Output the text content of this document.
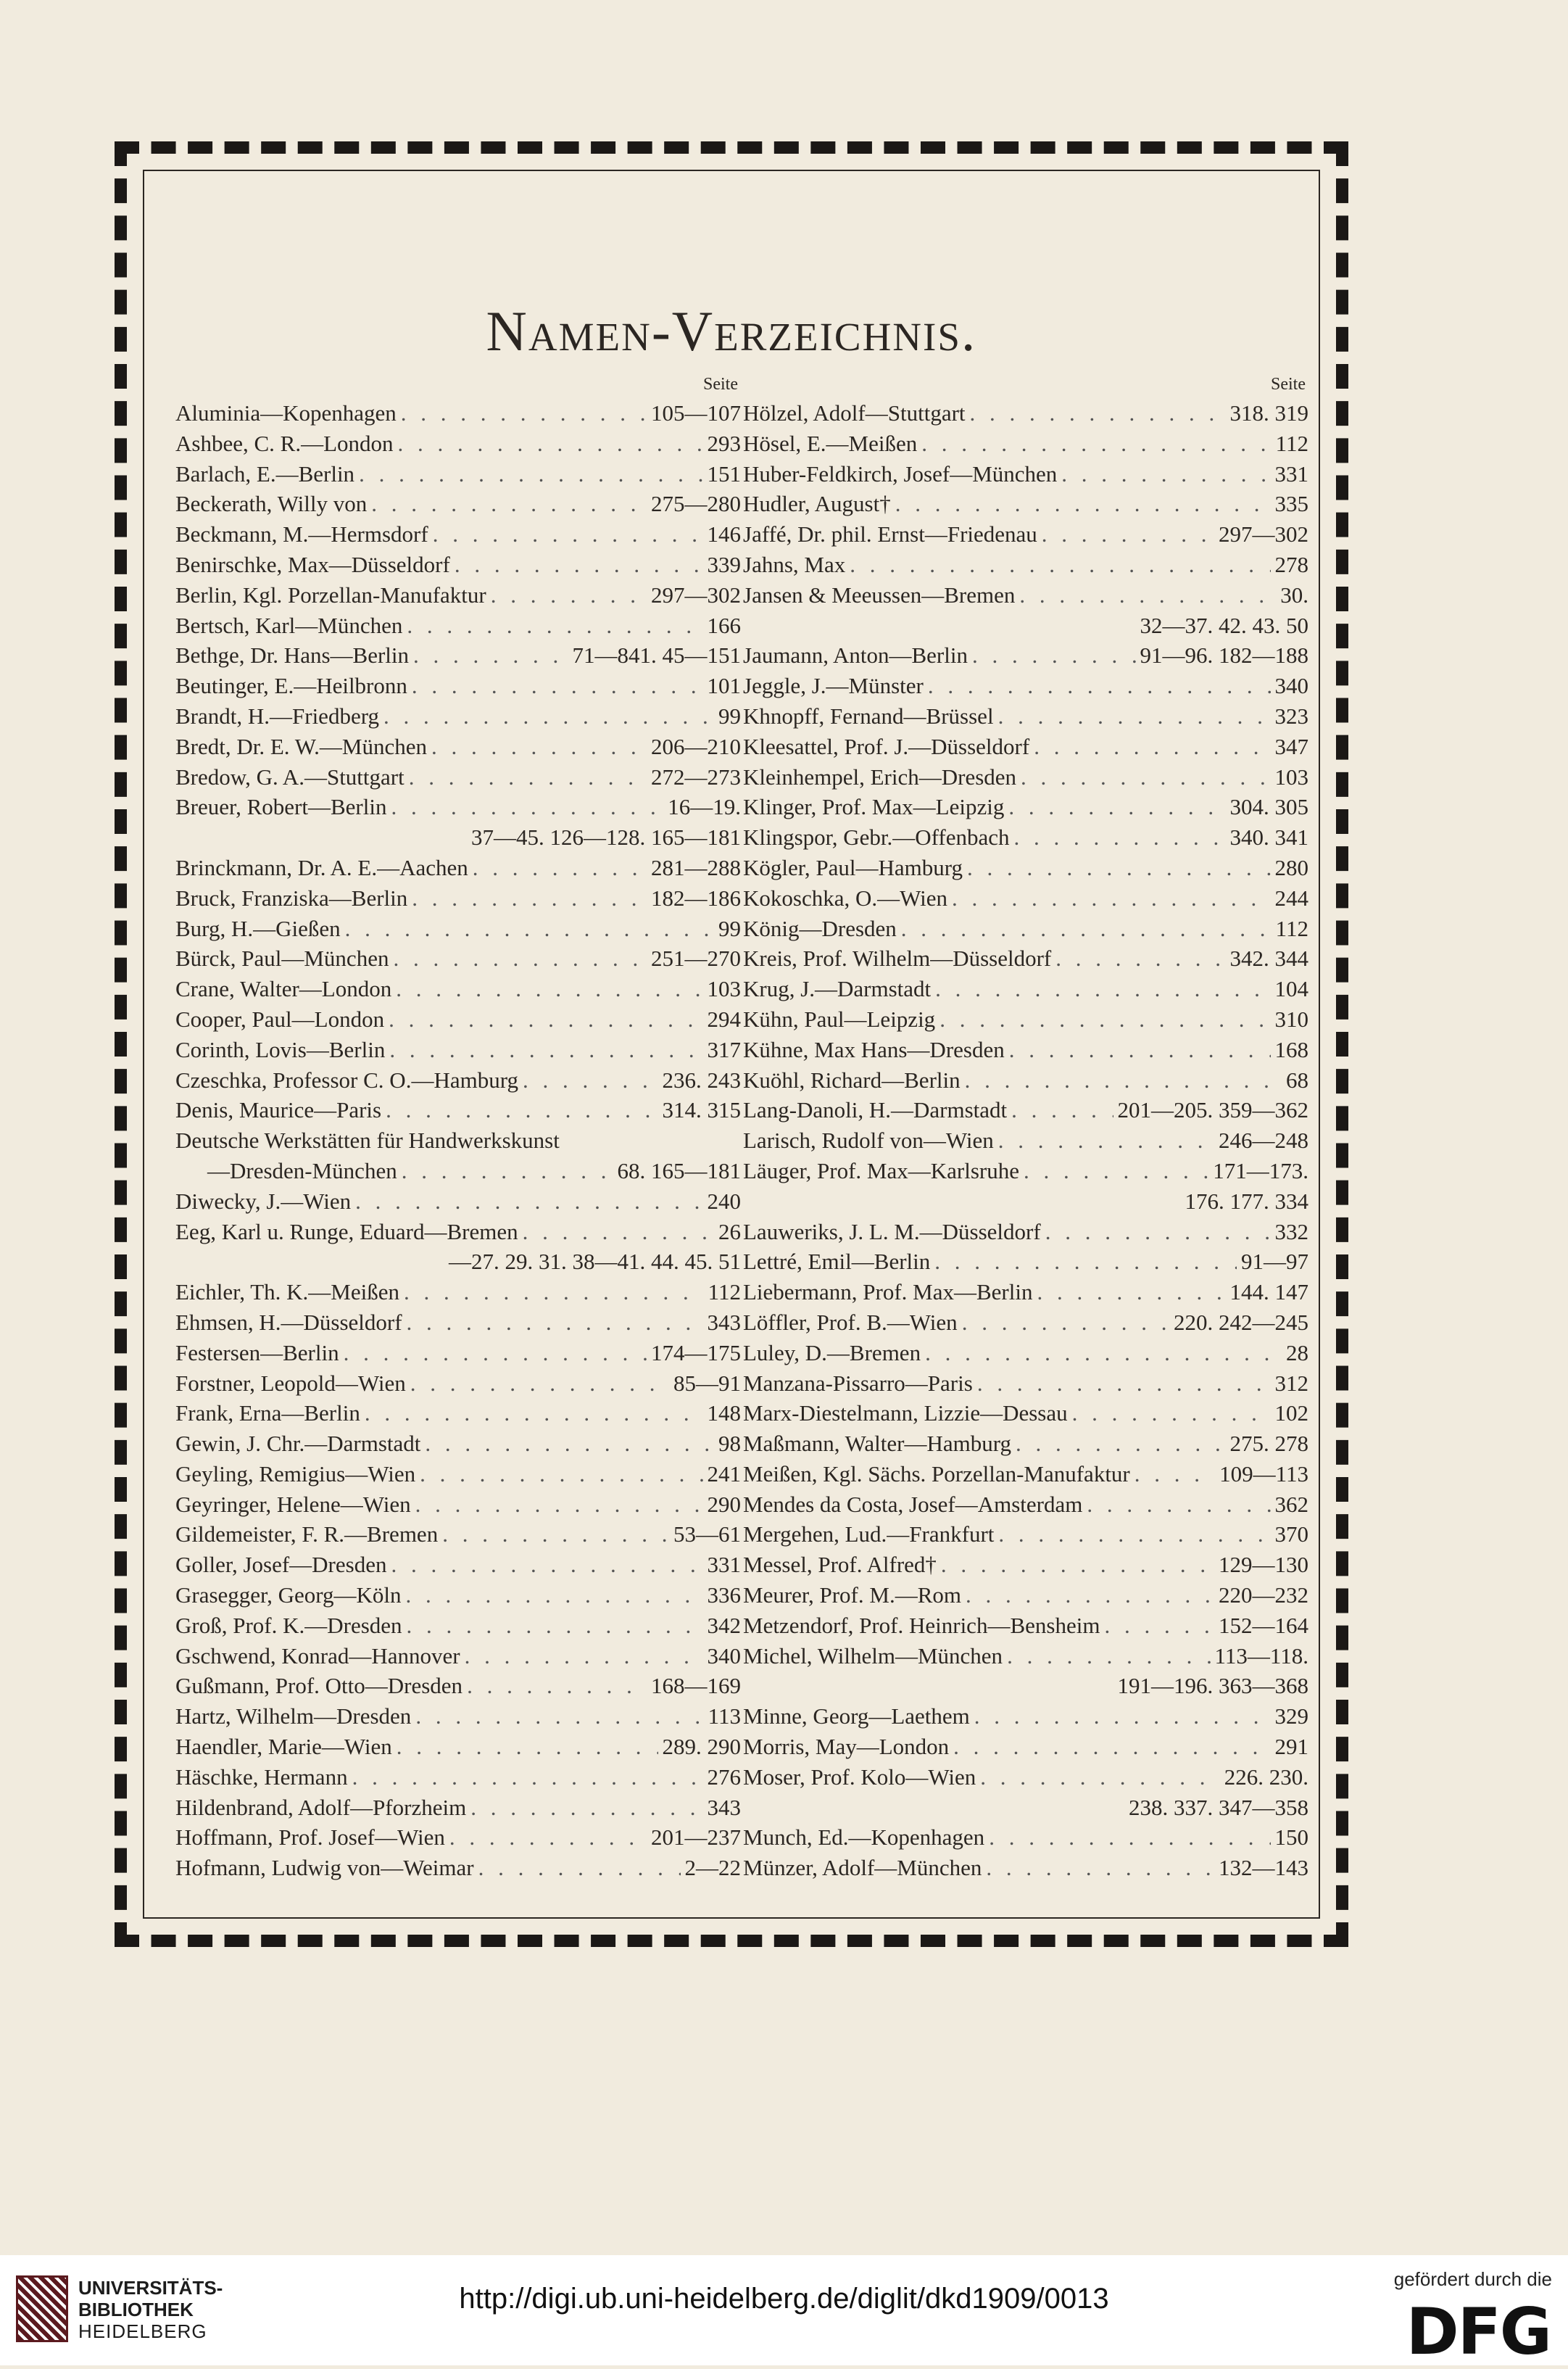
Namen-Verzeichnis.
Seite
Aluminia—Kopenhagen . . .	105—107
Ashbee, C. R.—London . . .	293
Barlach, E.—Berlin . . .	151
Beckerath, Willy von . . .	275—280
Beckmann, M.—Hermsdorf . . .	146
Benirschke, Max—Düsseldorf . . .	339
Berlin, Kgl. Porzellan-Manufaktur . . .	297—302
Bertsch, Karl—München . . .	166
Bethge, Dr. Hans—Berlin . . .	71—841. 45—151
Beutinger, E.—Heilbronn . . .	101
Brandt, H.—Friedberg . . .	99
Bredt, Dr. E. W.—München . . .	206—210
Bredow, G. A.—Stuttgart . . .	272—273
Breuer, Robert—Berlin . . .	16—19.
37—45. 126—128. 165—181
Brinckmann, Dr. A. E.—Aachen . . .	281—288
Bruck, Franziska—Berlin . . .	182—186
Burg, H.—Gießen . . .	99
Bürck, Paul—München . . .	251—270
Crane, Walter—London . . .	103
Cooper, Paul—London . . .	294
Corinth, Lovis—Berlin . . .	317
Czeschka, Professor C. O.—Hamburg . . .	236. 243
Denis, Maurice—Paris . . .	314. 315
Deutsche Werkstätten für Handwerkskunst
—Dresden-München . . .	68. 165—181
Diwecky, J.—Wien . . .	240
Eeg, Karl u. Runge, Eduard—Bremen . . .	26
—27. 29. 31. 38—41. 44. 45. 51
Eichler, Th. K.—Meißen . . .	112
Ehmsen, H.—Düsseldorf . . .	343
Festersen—Berlin . . .	174—175
Forstner, Leopold—Wien . . .	85—91
Frank, Erna—Berlin . . .	148
Gewin, J. Chr.—Darmstadt . . .	98
Geyling, Remigius—Wien . . .	241
Geyringer, Helene—Wien . . .	290
Gildemeister, F. R.—Bremen . . .	53—61
Goller, Josef—Dresden . . .	331
Grasegger, Georg—Köln . . .	336
Groß, Prof. K.—Dresden . . .	342
Gschwend, Konrad—Hannover . . .	340
Gußmann, Prof. Otto—Dresden . . .	168—169
Hartz, Wilhelm—Dresden . . .	113
Haendler, Marie—Wien . . .	289. 290
Häschke, Hermann . . .	276
Hildenbrand, Adolf—Pforzheim . . .	343
Hoffmann, Prof. Josef—Wien . . .	201—237
Hofmann, Ludwig von—Weimar . . .	2—22
Seite
Hölzel, Adolf—Stuttgart . . .	318. 319
Hösel, E.—Meißen . . .	112
Huber-Feldkirch, Josef—München . . .	331
Hudler, August† . . .	335
Jaffé, Dr. phil. Ernst—Friedenau . . .	297—302
Jahns, Max . . .	278
Jansen & Meeussen—Bremen . . .	30.
32—37. 42. 43. 50
Jaumann, Anton—Berlin . . .	91—96. 182—188
Jeggle, J.—Münster . . .	340
Khnopff, Fernand—Brüssel . . .	323
Kleesattel, Prof. J.—Düsseldorf . . .	347
Kleinhempel, Erich—Dresden . . .	103
Klinger, Prof. Max—Leipzig . . .	304. 305
Klingspor, Gebr.—Offenbach . . .	340. 341
Kögler, Paul—Hamburg . . .	280
Kokoschka, O.—Wien . . .	244
König—Dresden . . .	112
Kreis, Prof. Wilhelm—Düsseldorf . . .	342. 344
Krug, J.—Darmstadt . . .	104
Kühn, Paul—Leipzig . . .	310
Kühne, Max Hans—Dresden . . .	168
Kuöhl, Richard—Berlin . . .	68
Lang-Danoli, H.—Darmstadt . . .	201—205. 359—362
Larisch, Rudolf von—Wien . . .	246—248
Läuger, Prof. Max—Karlsruhe . . .	171—173.
176. 177. 334
Lauweriks, J. L. M.—Düsseldorf . . .	332
Lettré, Emil—Berlin . . .	91—97
Liebermann, Prof. Max—Berlin . . .	144. 147
Löffler, Prof. B.—Wien . . .	220. 242—245
Luley, D.—Bremen . . .	28
Manzana-Pissarro—Paris . . .	312
Marx-Diestelmann, Lizzie—Dessau . . .	102
Maßmann, Walter—Hamburg . . .	275. 278
Meißen, Kgl. Sächs. Porzellan-Manufaktur . . .	109—113
Mendes da Costa, Josef—Amsterdam . . .	362
Mergehen, Lud.—Frankfurt . . .	370
Messel, Prof. Alfred† . . .	129—130
Meurer, Prof. M.—Rom . . .	220—232
Metzendorf, Prof. Heinrich—Bensheim . . .	152—164
Michel, Wilhelm—München . . .	113—118.
191—196. 363—368
Minne, Georg—Laethem . . .	329
Morris, May—London . . .	291
Moser, Prof. Kolo—Wien . . .	226. 230.
238. 337. 347—358
Munch, Ed.—Kopenhagen . . .	150
Münzer, Adolf—München . . .	132—143
UNIVERSITÄTS-
BIBLIOTHEK
HEIDELBERG
http://digi.ub.uni-heidelberg.de/diglit/dkd1909/0013
gefördert durch die
DFG
